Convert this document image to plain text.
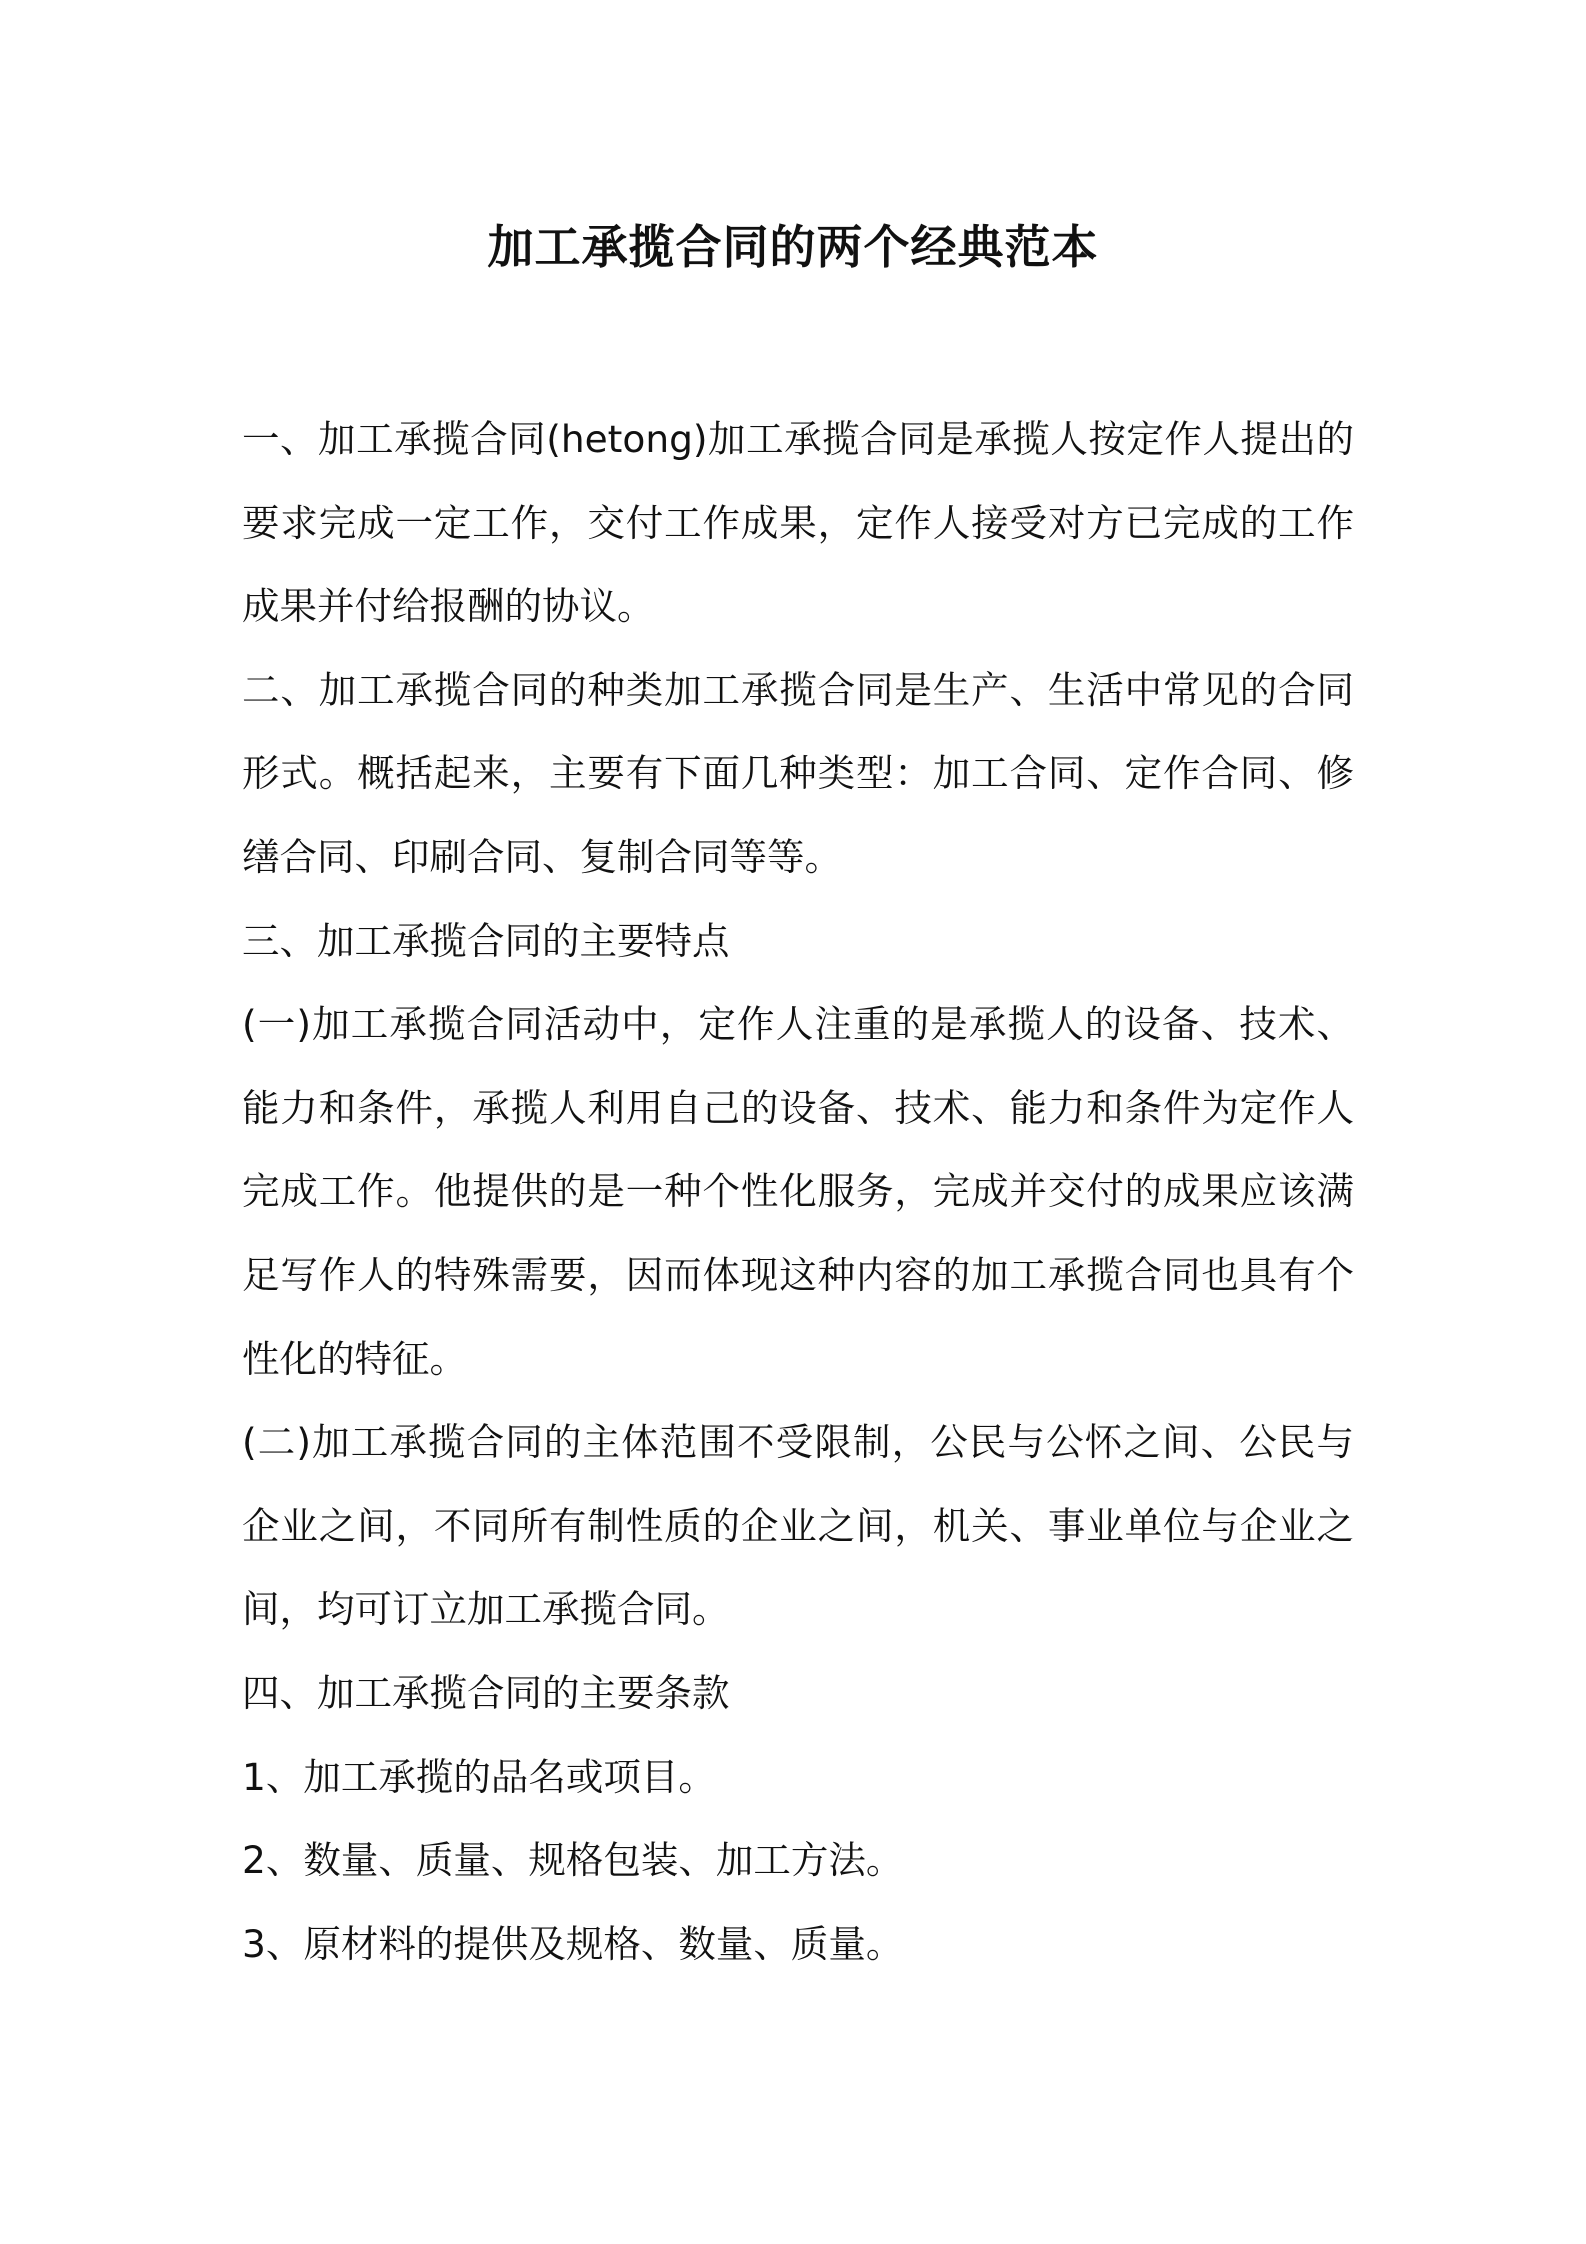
加工承揽合同的两个经典范本

一、加工承揽合同(hetong)加工承揽合同是承揽人按定作人提出的要求完成一定工作，交付工作成果，定作人接受对方已完成的工作成果并付给报酬的协议。

二、加工承揽合同的种类加工承揽合同是生产、生活中常见的合同形式。概括起来，主要有下面几种类型：加工合同、定作合同、修缮合同、印刷合同、复制合同等等。

三、加工承揽合同的主要特点

(一)加工承揽合同活动中，定作人注重的是承揽人的设备、技术、能力和条件，承揽人利用自己的设备、技术、能力和条件为定作人完成工作。他提供的是一种个性化服务，完成并交付的成果应该满足写作人的特殊需要，因而体现这种内容的加工承揽合同也具有个性化的特征。

(二)加工承揽合同的主体范围不受限制，公民与公怀之间、公民与企业之间，不同所有制性质的企业之间，机关、事业单位与企业之间，均可订立加工承揽合同。

四、加工承揽合同的主要条款

1、加工承揽的品名或项目。

2、数量、质量、规格包装、加工方法。

3、原材料的提供及规格、数量、质量。
